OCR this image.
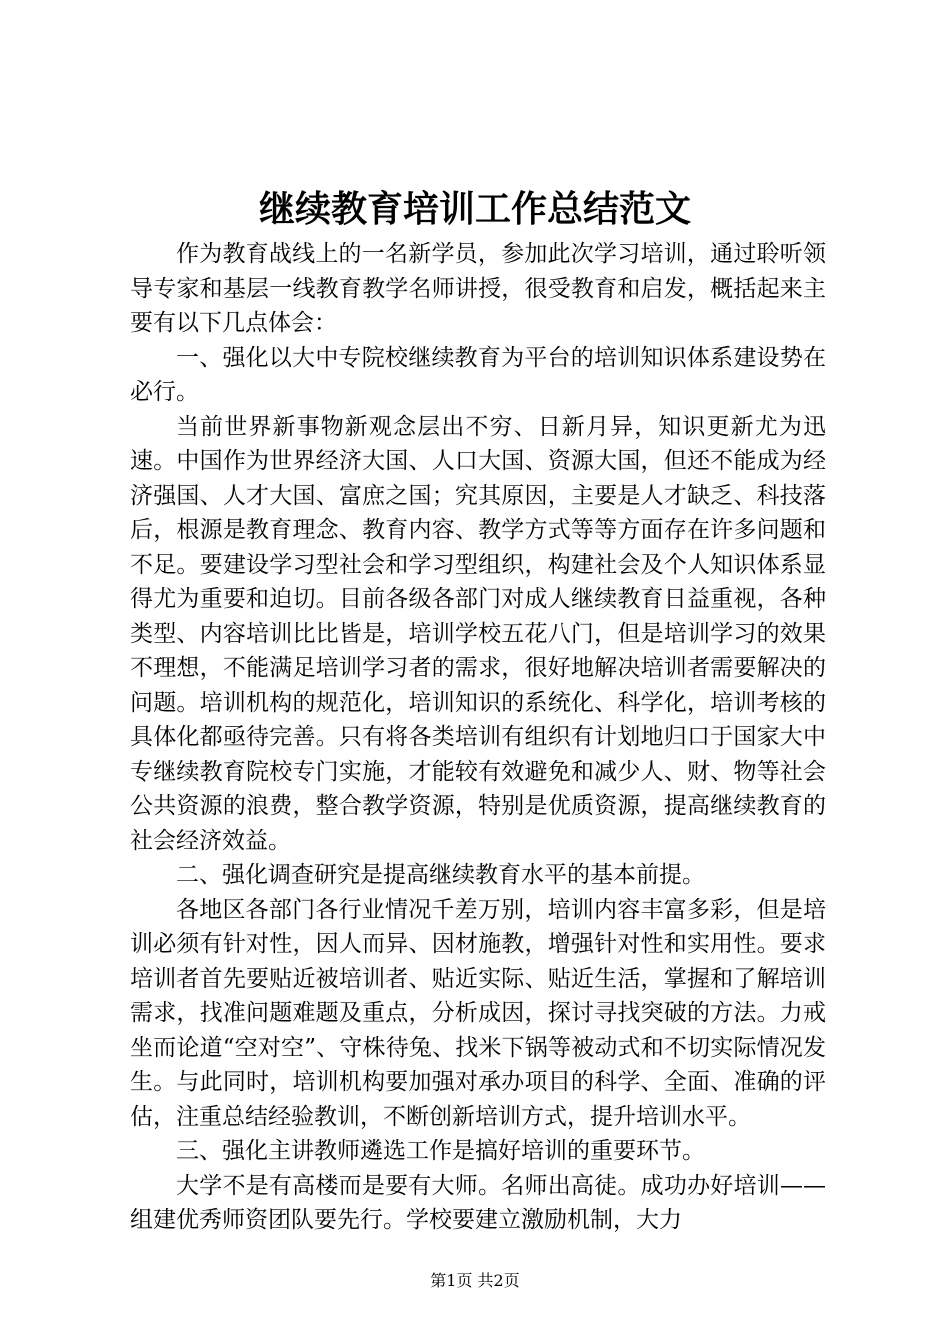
继续教育培训工作总结范文

作为教育战线上的一名新学员，参加此次学习培训，通过聆听领导专家和基层一线教育教学名师讲授，很受教育和启发，概括起来主要有以下几点体会：

一、强化以大中专院校继续教育为平台的培训知识体系建设势在必行。

当前世界新事物新观念层出不穷、日新月异，知识更新尤为迅速。中国作为世界经济大国、人口大国、资源大国，但还不能成为经济强国、人才大国、富庶之国；究其原因，主要是人才缺乏、科技落后，根源是教育理念、教育内容、教学方式等等方面存在许多问题和不足。要建设学习型社会和学习型组织，构建社会及个人知识体系显得尤为重要和迫切。目前各级各部门对成人继续教育日益重视，各种类型、内容培训比比皆是，培训学校五花八门，但是培训学习的效果不理想，不能满足培训学习者的需求，很好地解决培训者需要解决的问题。培训机构的规范化，培训知识的系统化、科学化，培训考核的具体化都亟待完善。只有将各类培训有组织有计划地归口于国家大中专继续教育院校专门实施，才能较有效避免和减少人、财、物等社会公共资源的浪费，整合教学资源，特别是优质资源，提高继续教育的社会经济效益。

二、强化调查研究是提高继续教育水平的基本前提。

各地区各部门各行业情况千差万别，培训内容丰富多彩，但是培训必须有针对性，因人而异、因材施教，增强针对性和实用性。要求培训者首先要贴近被培训者、贴近实际、贴近生活，掌握和了解培训需求，找准问题难题及重点，分析成因，探讨寻找突破的方法。力戒坐而论道“空对空”、守株待兔、找米下锅等被动式和不切实际情况发生。与此同时，培训机构要加强对承办项目的科学、全面、准确的评估，注重总结经验教训，不断创新培训方式，提升培训水平。

三、强化主讲教师遴选工作是搞好培训的重要环节。

大学不是有高楼而是要有大师。名师出高徒。成功办好培训——组建优秀师资团队要先行。学校要建立激励机制，大力

第1页 共2页
